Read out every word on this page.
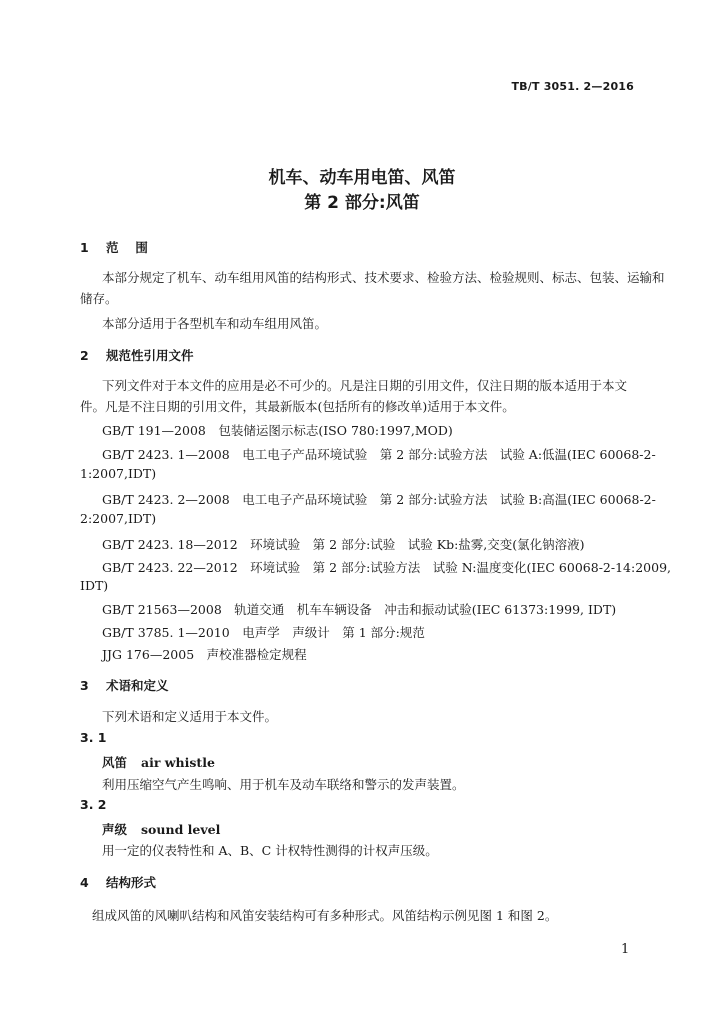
TB/T 3051. 2—2016
机车、动车用电笛、风笛
第 2 部分:风笛
1 范　 围
本部分规定了机车、动车组用风笛的结构形式、技术要求、检验方法、检验规则、标志、包装、运输和
储存。
本部分适用于各型机车和动车组用风笛。
2 规范性引用文件
下列文件对于本文件的应用是必不可少的。凡是注日期的引用文件，仅注日期的版本适用于本文
件。凡是不注日期的引用文件，其最新版本(包括所有的修改单)适用于本文件。
GB/T 191—2008　包装储运图示标志(ISO 780:1997,MOD)
GB/T 2423. 1—2008　电工电子产品环境试验　第 2 部分:试验方法　试验 A:低温(IEC 60068-2-
1:2007,IDT)
GB/T 2423. 2—2008　电工电子产品环境试验　第 2 部分:试验方法　试验 B:高温(IEC 60068-2-
2:2007,IDT)
GB/T 2423. 18—2012　环境试验　第 2 部分:试验　试验 Kb:盐雾,交变(氯化钠溶液)
GB/T 2423. 22—2012　环境试验　第 2 部分:试验方法　试验 N:温度变化(IEC 60068-2-14:2009,
IDT)
GB/T 21563—2008　轨道交通　机车车辆设备　冲击和振动试验(IEC 61373:1999, IDT)
GB/T 3785. 1—2010　电声学　声级计　第 1 部分:规范
JJG 176—2005　声校准器检定规程
3 术语和定义
下列术语和定义适用于本文件。
3. 1
风笛 air whistle
利用压缩空气产生鸣响、用于机车及动车联络和警示的发声装置。
3. 2
声级 sound level
用一定的仪表特性和 A、B、C 计权特性测得的计权声压级。
4 结构形式
组成风笛的风喇叭结构和风笛安装结构可有多种形式。风笛结构示例见图 1 和图 2。
1
